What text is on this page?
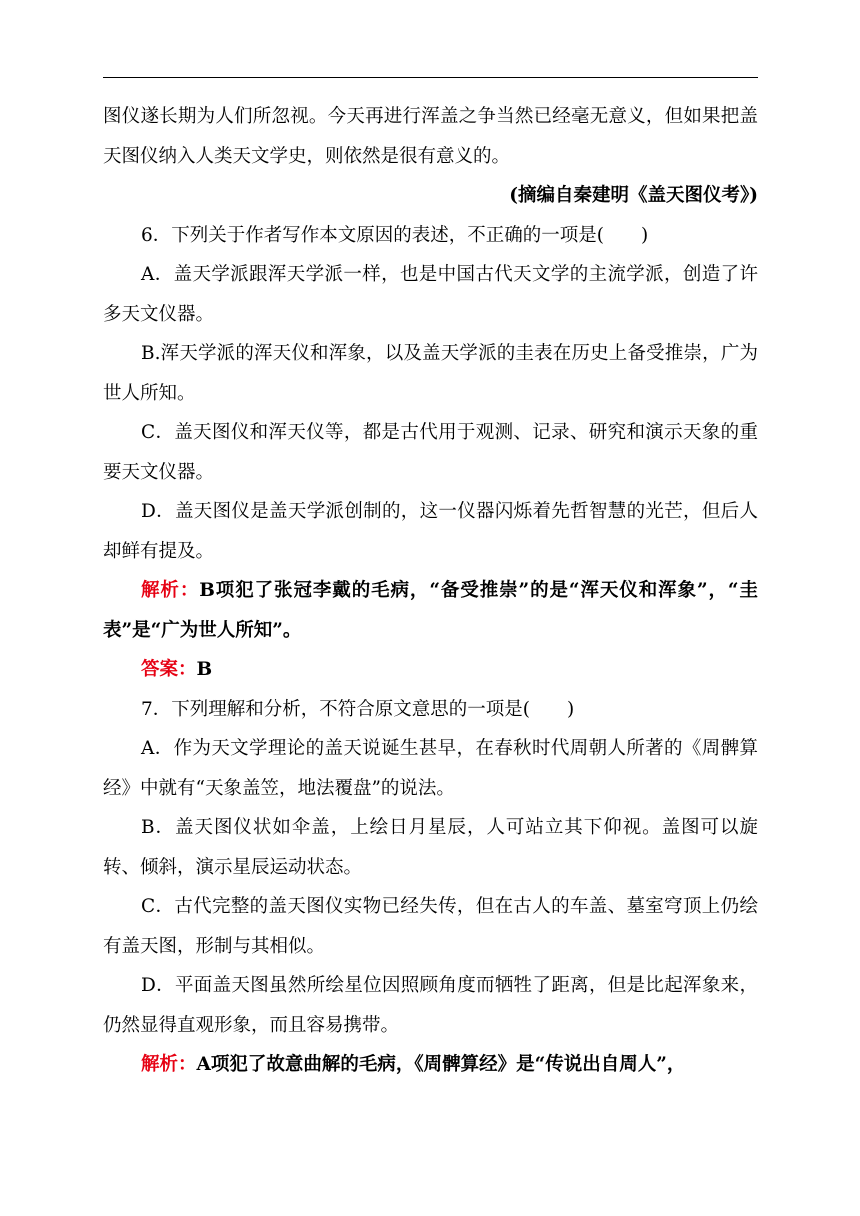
图仪遂长期为人们所忽视。今天再进行浑盖之争当然已经毫无意义，但如果把盖天图仪纳入人类天文学史，则依然是很有意义的。

(摘编自秦建明《盖天图仪考》)

6．下列关于作者写作本文原因的表述，不正确的一项是(　　)

A．盖天学派跟浑天学派一样，也是中国古代天文学的主流学派，创造了许多天文仪器。

B.浑天学派的浑天仪和浑象，以及盖天学派的圭表在历史上备受推崇，广为世人所知。

C．盖天图仪和浑天仪等，都是古代用于观测、记录、研究和演示天象的重要天文仪器。

D．盖天图仪是盖天学派创制的，这一仪器闪烁着先哲智慧的光芒，但后人却鲜有提及。

解析：B项犯了张冠李戴的毛病，“备受推崇”的是“浑天仪和浑象”，“圭表”是“广为世人所知”。

答案：B

7．下列理解和分析，不符合原文意思的一项是(　　)

A．作为天文学理论的盖天说诞生甚早，在春秋时代周朝人所著的《周髀算经》中就有“天象盖笠，地法覆盘”的说法。

B．盖天图仪状如伞盖，上绘日月星辰，人可站立其下仰视。盖图可以旋转、倾斜，演示星辰运动状态。

C．古代完整的盖天图仪实物已经失传，但在古人的车盖、墓室穹顶上仍绘有盖天图，形制与其相似。

D．平面盖天图虽然所绘星位因照顾角度而牺牲了距离，但是比起浑象来，仍然显得直观形象，而且容易携带。

解析：A项犯了故意曲解的毛病，《周髀算经》是“传说出自周人”，
